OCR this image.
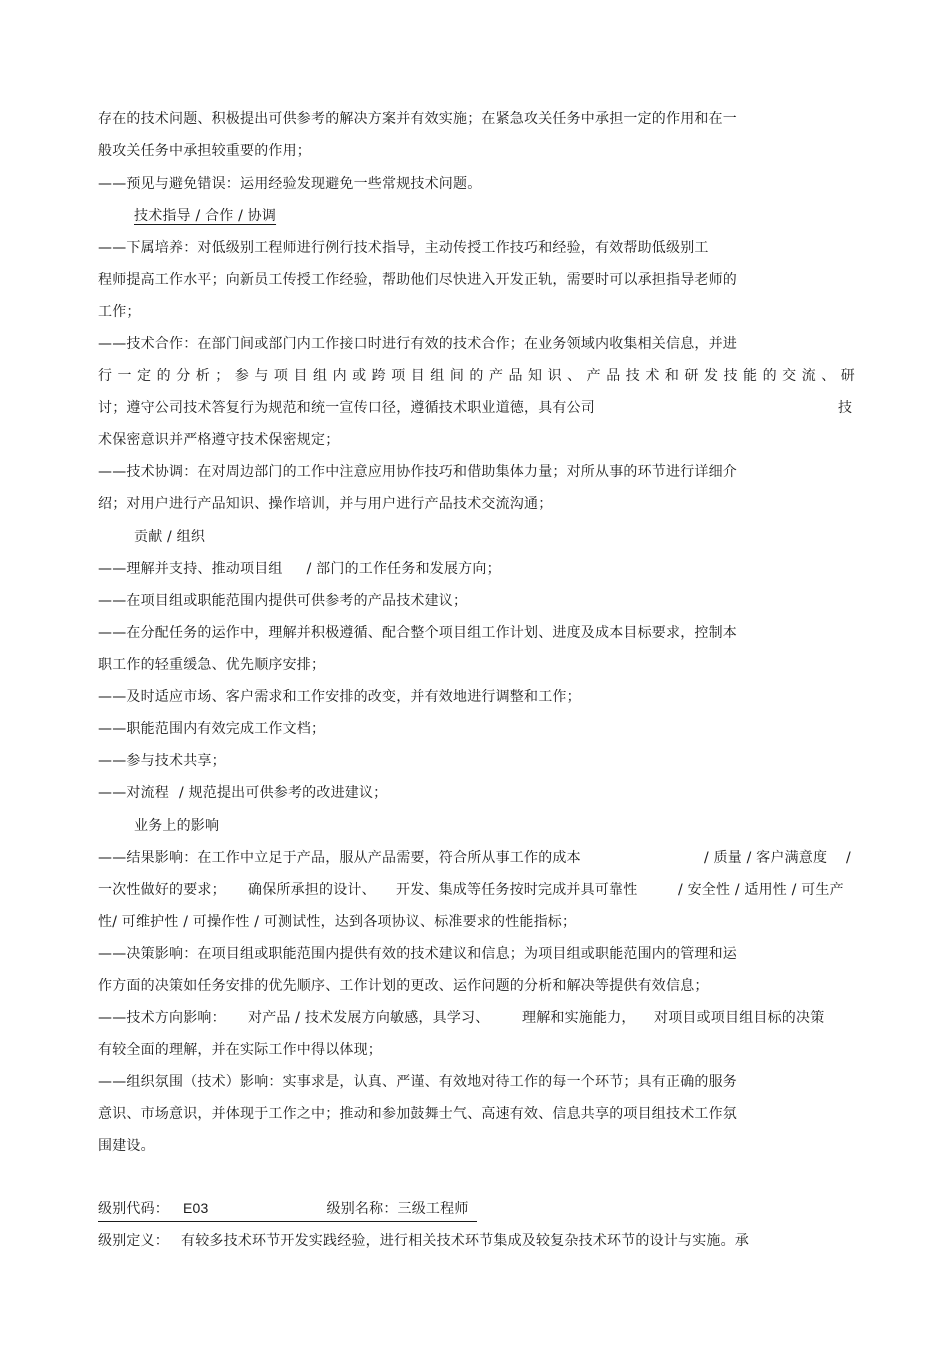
存在的技术问题、积极提出可供参考的解决方案并有效实施；在紧急攻关任务中承担一定的作用和在一
般攻关任务中承担较重要的作用；
——预见与避免错误：运用经验发现避免一些常规技术问题。
技术指导 / 合作 / 协调
——下属培养：对低级别工程师进行例行技术指导，主动传授工作技巧和经验，有效帮助低级别工
程师提高工作水平；向新员工传授工作经验，帮助他们尽快进入开发正轨，需要时可以承担指导老师的
工作；
——技术合作：在部门间或部门内工作接口时进行有效的技术合作；在业务领域内收集相关信息，并进
行一定的分析；参与项目组内或跨项目组间的产品知识、产品技术和研发技能的交流、研
讨；遵守公司技术答复行为规范和统一宣传口径，遵循技术职业道德，具有公司	技
术保密意识并严格遵守技术保密规定；
——技术协调：在对周边部门的工作中注意应用协作技巧和借助集体力量；对所从事的环节进行详细介
绍；对用户进行产品知识、操作培训，并与用户进行产品技术交流沟通；
贡献 / 组织
——理解并支持、推动项目组 / 部门的工作任务和发展方向；
——在项目组或职能范围内提供可供参考的产品技术建议；
——在分配任务的运作中，理解并积极遵循、配合整个项目组工作计划、进度及成本目标要求，控制本
职工作的轻重缓急、优先顺序安排；
——及时适应市场、客户需求和工作安排的改变，并有效地进行调整和工作；
——职能范围内有效完成工作文档；
——参与技术共享；
——对流程 / 规范提出可供参考的改进建议；
业务上的影响
——结果影响：在工作中立足于产品，服从产品需要，符合所从事工作的成本	/ 质量 / 客户满意度 /
一次性做好的要求； 确保所承担的设计、 开发、集成等任务按时完成并具可靠性	/ 安全性 / 适用性 / 可生产
性/ 可维护性 / 可操作性 / 可测试性，达到各项协议、标准要求的性能指标；
——决策影响：在项目组或职能范围内提供有效的技术建议和信息；为项目组或职能范围内的管理和运
作方面的决策如任务安排的优先顺序、工作计划的更改、运作问题的分析和解决等提供有效信息；
——技术方向影响： 对产品 / 技术发展方向敏感，具学习、 理解和实施能力， 对项目或项目组目标的决策
有较全面的理解，并在实际工作中得以体现；
——组织氛围（技术）影响：实事求是，认真、严谨、有效地对待工作的每一个环节；具有正确的服务
意识、市场意识，并体现于工作之中；推动和参加鼓舞士气、高速有效、信息共享的项目组技术工作氛
围建设。
级别代码： E03	级别名称：三级工程师
级别定义： 有较多技术环节开发实践经验，进行相关技术环节集成及较复杂技术环节的设计与实施。承
